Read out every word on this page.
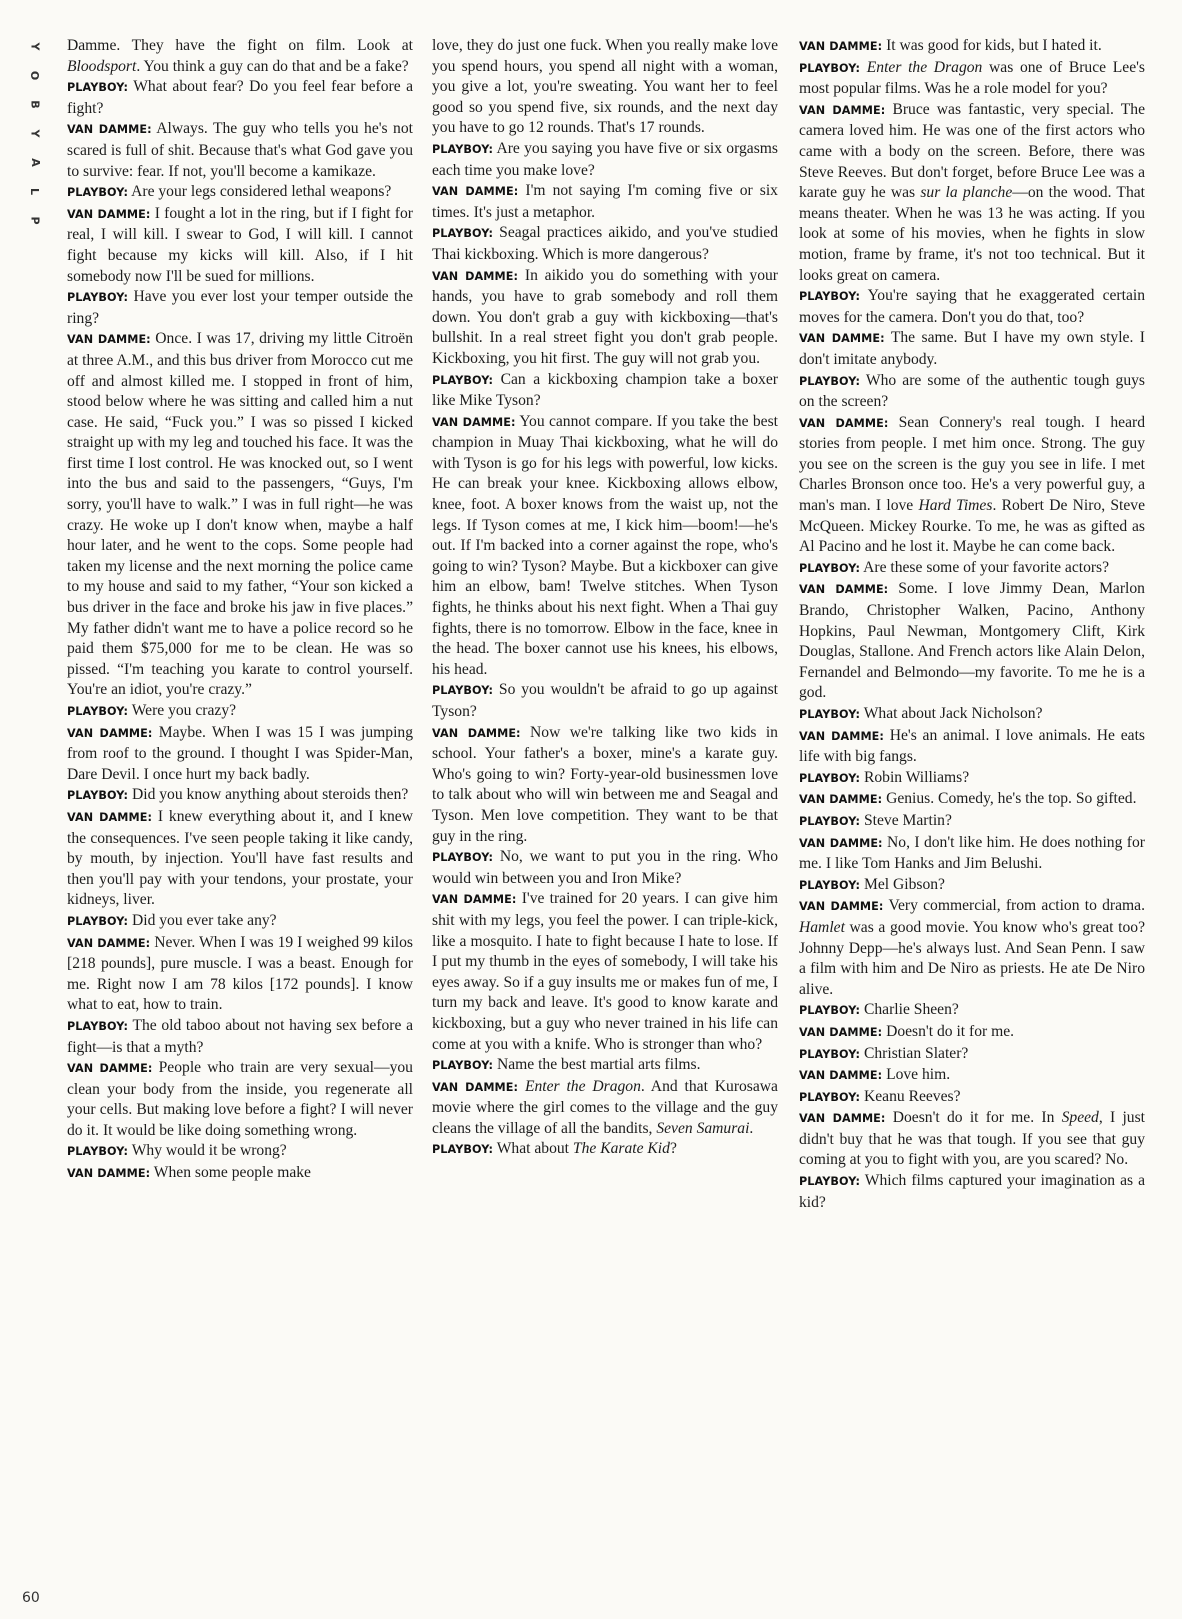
Y
O
B
Y
A
L
P
60

Damme. They have the fight on film. Look at Bloodsport. You think a guy can do that and be a fake?

PLAYBOY: What about fear? Do you feel fear before a fight?

VAN DAMME: Always. The guy who tells you he's not scared is full of shit. Because that's what God gave you to survive: fear. If not, you'll become a kamikaze.

PLAYBOY: Are your legs considered lethal weapons?

VAN DAMME: I fought a lot in the ring, but if I fight for real, I will kill. I swear to God, I will kill. I cannot fight because my kicks will kill. Also, if I hit somebody now I'll be sued for millions.

PLAYBOY: Have you ever lost your temper outside the ring?

VAN DAMME: Once. I was 17, driving my little Citroën at three A.M., and this bus driver from Morocco cut me off and almost killed me. I stopped in front of him, stood below where he was sitting and called him a nut case. He said, “Fuck you.” I was so pissed I kicked straight up with my leg and touched his face. It was the first time I lost control. He was knocked out, so I went into the bus and said to the passengers, “Guys, I'm sorry, you'll have to walk.” I was in full right—he was crazy. He woke up I don't know when, maybe a half hour later, and he went to the cops. Some people had taken my license and the next morning the police came to my house and said to my father, “Your son kicked a bus driver in the face and broke his jaw in five places.” My father didn't want me to have a police record so he paid them $75,000 for me to be clean. He was so pissed. “I'm teaching you karate to control yourself. You're an idiot, you're crazy.”

PLAYBOY: Were you crazy?

VAN DAMME: Maybe. When I was 15 I was jumping from roof to the ground. I thought I was Spider-Man, Dare Devil. I once hurt my back badly.

PLAYBOY: Did you know anything about steroids then?

VAN DAMME: I knew everything about it, and I knew the consequences. I've seen people taking it like candy, by mouth, by injection. You'll have fast results and then you'll pay with your tendons, your prostate, your kidneys, liver.

PLAYBOY: Did you ever take any?

VAN DAMME: Never. When I was 19 I weighed 99 kilos [218 pounds], pure muscle. I was a beast. Enough for me. Right now I am 78 kilos [172 pounds]. I know what to eat, how to train.

PLAYBOY: The old taboo about not having sex before a fight—is that a myth?

VAN DAMME: People who train are very sexual—you clean your body from the inside, you regenerate all your cells. But making love before a fight? I will never do it. It would be like doing something wrong.

PLAYBOY: Why would it be wrong?

VAN DAMME: When some people make

love, they do just one fuck. When you really make love you spend hours, you spend all night with a woman, you give a lot, you're sweating. You want her to feel good so you spend five, six rounds, and the next day you have to go 12 rounds. That's 17 rounds.

PLAYBOY: Are you saying you have five or six orgasms each time you make love?

VAN DAMME: I'm not saying I'm coming five or six times. It's just a metaphor.

PLAYBOY: Seagal practices aikido, and you've studied Thai kickboxing. Which is more dangerous?

VAN DAMME: In aikido you do something with your hands, you have to grab somebody and roll them down. You don't grab a guy with kickboxing—that's bullshit. In a real street fight you don't grab people. Kickboxing, you hit first. The guy will not grab you.

PLAYBOY: Can a kickboxing champion take a boxer like Mike Tyson?

VAN DAMME: You cannot compare. If you take the best champion in Muay Thai kickboxing, what he will do with Tyson is go for his legs with powerful, low kicks. He can break your knee. Kickboxing allows elbow, knee, foot. A boxer knows from the waist up, not the legs. If Tyson comes at me, I kick him—boom!—he's out. If I'm backed into a corner against the rope, who's going to win? Tyson? Maybe. But a kickboxer can give him an elbow, bam! Twelve stitches. When Tyson fights, he thinks about his next fight. When a Thai guy fights, there is no tomorrow. Elbow in the face, knee in the head. The boxer cannot use his knees, his elbows, his head.

PLAYBOY: So you wouldn't be afraid to go up against Tyson?

VAN DAMME: Now we're talking like two kids in school. Your father's a boxer, mine's a karate guy. Who's going to win? Forty-year-old businessmen love to talk about who will win between me and Seagal and Tyson. Men love competition. They want to be that guy in the ring.

PLAYBOY: No, we want to put you in the ring. Who would win between you and Iron Mike?

VAN DAMME: I've trained for 20 years. I can give him shit with my legs, you feel the power. I can triple-kick, like a mosquito. I hate to fight because I hate to lose. If I put my thumb in the eyes of somebody, I will take his eyes away. So if a guy insults me or makes fun of me, I turn my back and leave. It's good to know karate and kickboxing, but a guy who never trained in his life can come at you with a knife. Who is stronger than who?

PLAYBOY: Name the best martial arts films.

VAN DAMME: Enter the Dragon. And that Kurosawa movie where the girl comes to the village and the guy cleans the village of all the bandits, Seven Samurai.

PLAYBOY: What about The Karate Kid?

VAN DAMME: It was good for kids, but I hated it.

PLAYBOY: Enter the Dragon was one of Bruce Lee's most popular films. Was he a role model for you?

VAN DAMME: Bruce was fantastic, very special. The camera loved him. He was one of the first actors who came with a body on the screen. Before, there was Steve Reeves. But don't forget, before Bruce Lee was a karate guy he was sur la planche—on the wood. That means theater. When he was 13 he was acting. If you look at some of his movies, when he fights in slow motion, frame by frame, it's not too technical. But it looks great on camera.

PLAYBOY: You're saying that he exaggerated certain moves for the camera. Don't you do that, too?

VAN DAMME: The same. But I have my own style. I don't imitate anybody.

PLAYBOY: Who are some of the authentic tough guys on the screen?

VAN DAMME: Sean Connery's real tough. I heard stories from people. I met him once. Strong. The guy you see on the screen is the guy you see in life. I met Charles Bronson once too. He's a very powerful guy, a man's man. I love Hard Times. Robert De Niro, Steve McQueen. Mickey Rourke. To me, he was as gifted as Al Pacino and he lost it. Maybe he can come back.

PLAYBOY: Are these some of your favorite actors?

VAN DAMME: Some. I love Jimmy Dean, Marlon Brando, Christopher Walken, Pacino, Anthony Hopkins, Paul Newman, Montgomery Clift, Kirk Douglas, Stallone. And French actors like Alain Delon, Fernandel and Belmondo—my favorite. To me he is a god.

PLAYBOY: What about Jack Nicholson?

VAN DAMME: He's an animal. I love animals. He eats life with big fangs.

PLAYBOY: Robin Williams?

VAN DAMME: Genius. Comedy, he's the top. So gifted.

PLAYBOY: Steve Martin?

VAN DAMME: No, I don't like him. He does nothing for me. I like Tom Hanks and Jim Belushi.

PLAYBOY: Mel Gibson?

VAN DAMME: Very commercial, from action to drama. Hamlet was a good movie. You know who's great too? Johnny Depp—he's always lust. And Sean Penn. I saw a film with him and De Niro as priests. He ate De Niro alive.

PLAYBOY: Charlie Sheen?

VAN DAMME: Doesn't do it for me.

PLAYBOY: Christian Slater?

VAN DAMME: Love him.

PLAYBOY: Keanu Reeves?

VAN DAMME: Doesn't do it for me. In Speed, I just didn't buy that he was that tough. If you see that guy coming at you to fight with you, are you scared? No.

PLAYBOY: Which films captured your imagination as a kid?
